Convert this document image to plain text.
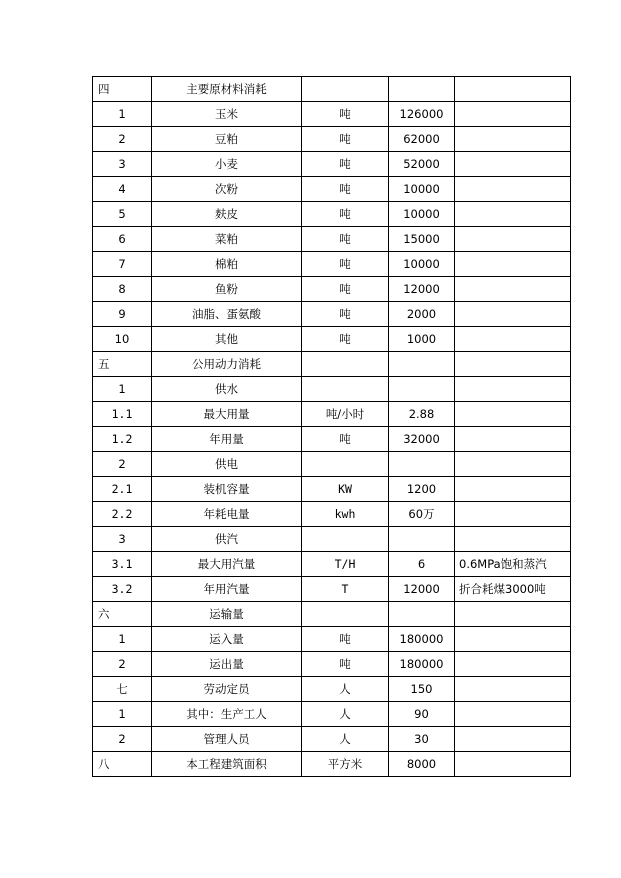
四	主要原材料消耗			
1	玉米	吨	126000	
2	豆粕	吨	62000	
3	小麦	吨	52000	
4	次粉	吨	10000	
5	麸皮	吨	10000	
6	菜粕	吨	15000	
7	棉粕	吨	10000	
8	鱼粉	吨	12000	
9	油脂、蛋氨酸	吨	2000	
10	其他	吨	1000	
五	公用动力消耗			
1	供水			
1.1	最大用量	吨/小时	2.88	
1.2	年用量	吨	32000	
2	供电			
2.1	装机容量	KW	1200	
2.2	年耗电量	kwh	60万	
3	供汽			
3.1	最大用汽量	T/H	6	0.6MPa饱和蒸汽
3.2	年用汽量	T	12000	折合耗煤3000吨
六	运输量			
1	运入量	吨	180000	
2	运出量	吨	180000	
七	劳动定员	人	150	
1	其中：生产工人	人	90	
2	管理人员	人	30	
八	本工程建筑面积	平方米	8000	
